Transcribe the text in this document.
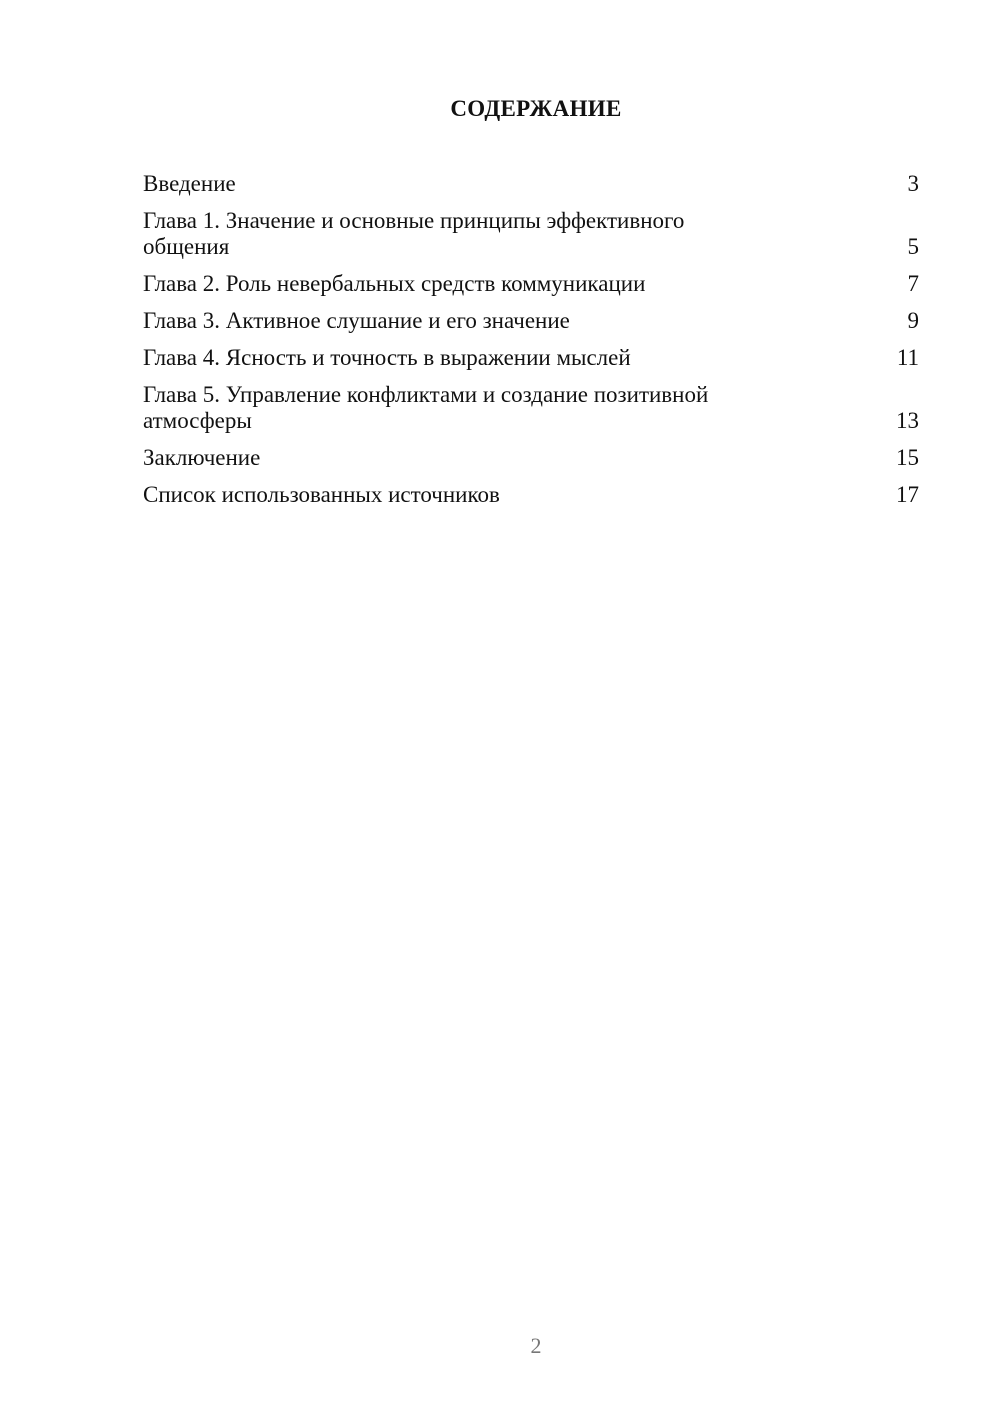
СОДЕРЖАНИЕ
Введение	3
Глава 1. Значение и основные принципы эффективного общения	5
Глава 2. Роль невербальных средств коммуникации	7
Глава 3. Активное слушание и его значение	9
Глава 4. Ясность и точность в выражении мыслей	11
Глава 5. Управление конфликтами и создание позитивной атмосферы	13
Заключение	15
Список использованных источников	17
2
